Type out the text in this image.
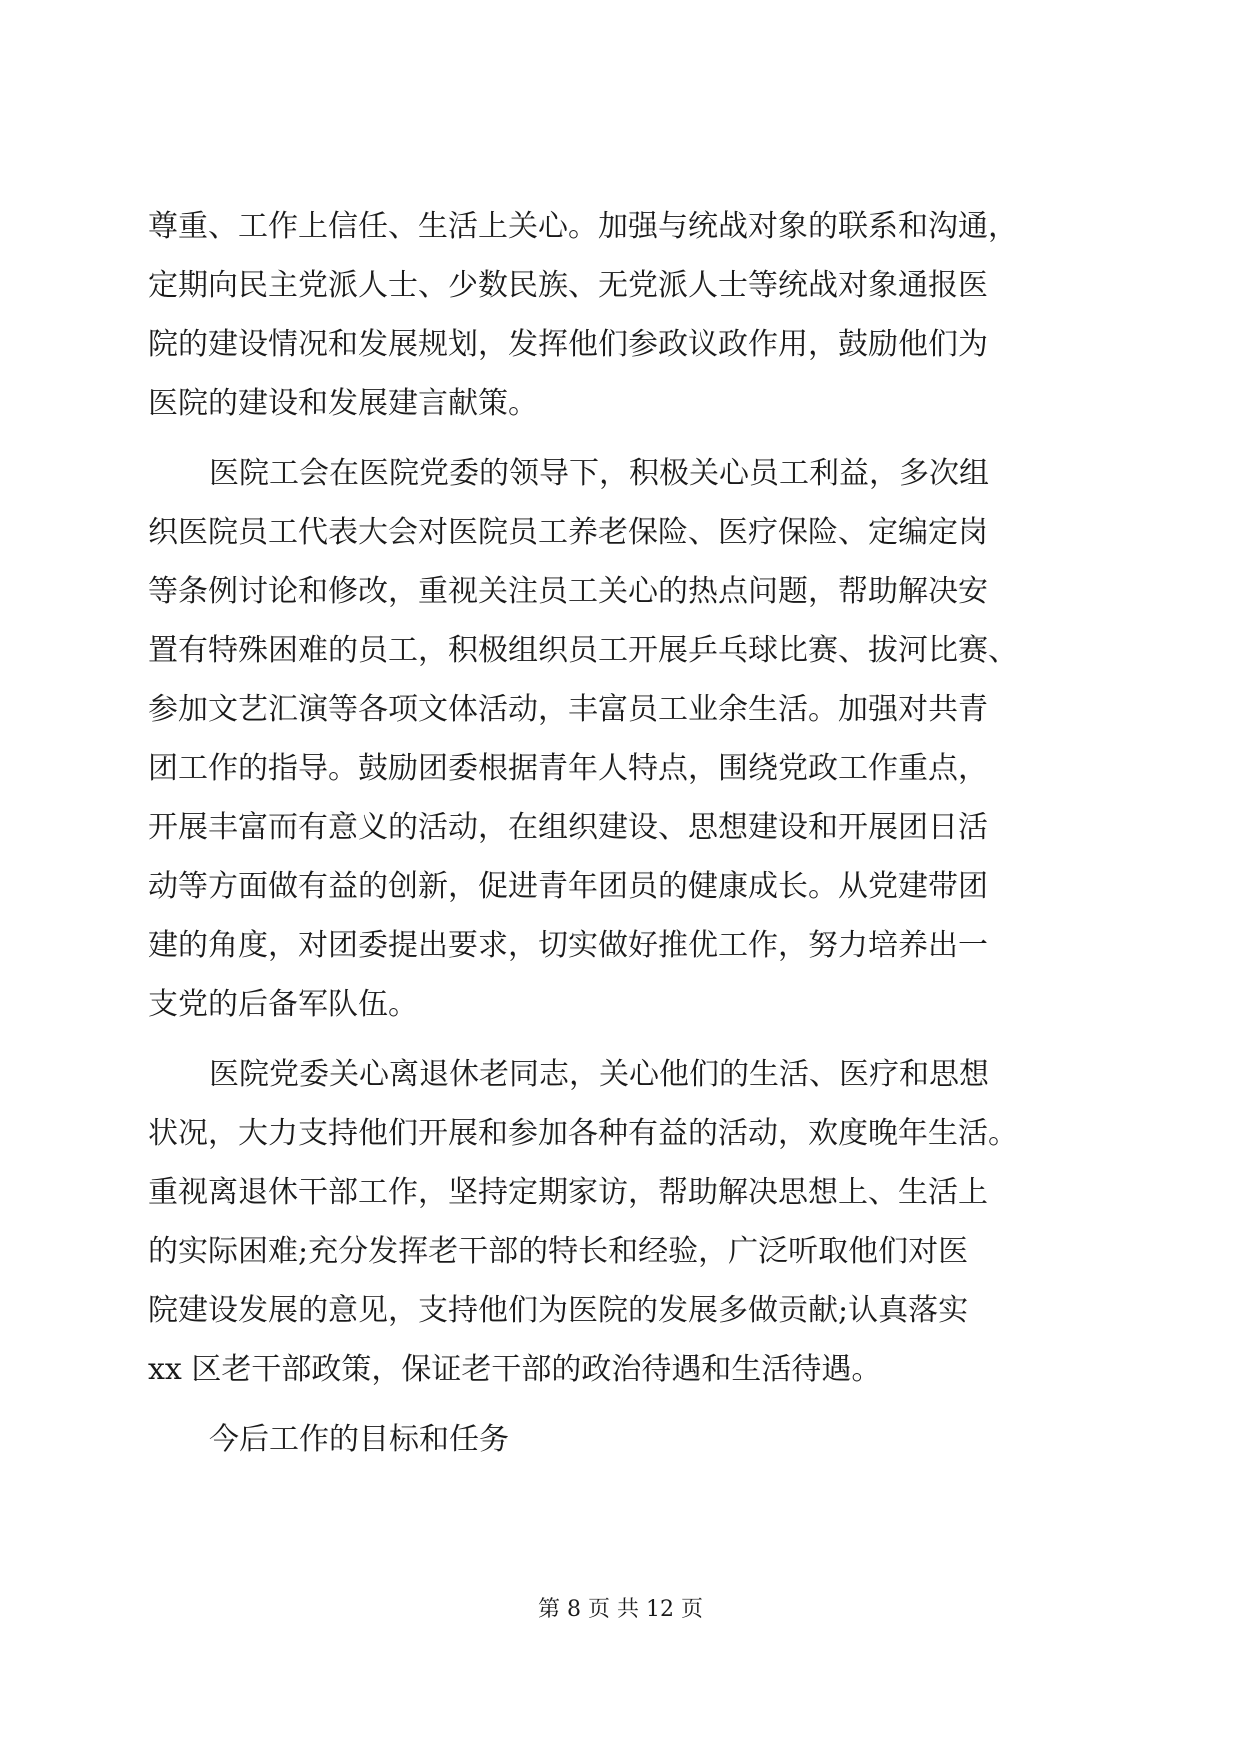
尊重、工作上信任、生活上关心。加强与统战对象的联系和沟通，
定期向民主党派人士、少数民族、无党派人士等统战对象通报医
院的建设情况和发展规划，发挥他们参政议政作用，鼓励他们为
医院的建设和发展建言献策。
医院工会在医院党委的领导下，积极关心员工利益，多次组
织医院员工代表大会对医院员工养老保险、医疗保险、定编定岗
等条例讨论和修改，重视关注员工关心的热点问题，帮助解决安
置有特殊困难的员工，积极组织员工开展乒乓球比赛、拔河比赛、
参加文艺汇演等各项文体活动，丰富员工业余生活。加强对共青
团工作的指导。鼓励团委根据青年人特点，围绕党政工作重点，
开展丰富而有意义的活动，在组织建设、思想建设和开展团日活
动等方面做有益的创新，促进青年团员的健康成长。从党建带团
建的角度，对团委提出要求，切实做好推优工作，努力培养出一
支党的后备军队伍。
医院党委关心离退休老同志，关心他们的生活、医疗和思想
状况，大力支持他们开展和参加各种有益的活动，欢度晚年生活。
重视离退休干部工作，坚持定期家访，帮助解决思想上、生活上
的实际困难;充分发挥老干部的特长和经验，广泛听取他们对医
院建设发展的意见，支持他们为医院的发展多做贡献;认真落实
xx 区老干部政策，保证老干部的政治待遇和生活待遇。
今后工作的目标和任务
第 8 页 共 12 页
